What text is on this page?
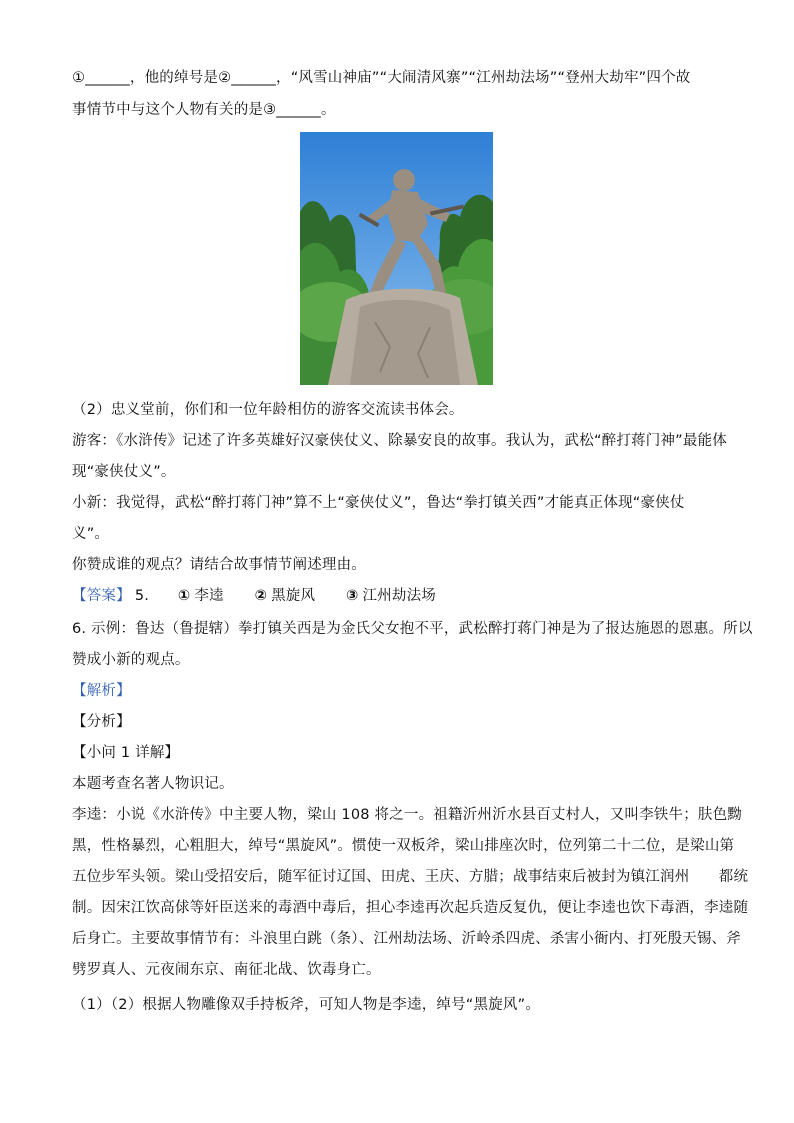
①______，他的绰号是②______，“风雪山神庙”“大闹清风寨”“江州劫法场”“登州大劫牢”四个故
事情节中与这个人物有关的是③______。
（2）忠义堂前，你们和一位年龄相仿的游客交流读书体会。
游客：《水浒传》记述了许多英雄好汉豪侠仗义、除暴安良的故事。我认为，武松“醉打蒋门神”最能体
现“豪侠仗义”。
小新：我觉得，武松“醉打蒋门神”算不上“豪侠仗义”，鲁达“拳打镇关西”才能真正体现“豪侠仗
义”。
你赞成谁的观点？请结合故事情节阐述理由。
【答案】 5. ① 李逵 ② 黑旋风 ③ 江州劫法场
6. 示例：鲁达（鲁提辖）拳打镇关西是为金氏父女抱不平，武松醉打蒋门神是为了报达施恩的恩惠。所以
赞成小新的观点。
【解析】
【分析】
【小问 1 详解】
本题考查名著人物识记。
李逵：小说《水浒传》中主要人物，梁山 108 将之一。祖籍沂州沂水县百丈村人，又叫李铁牛；肤色黝
黑，性格暴烈，心粗胆大，绰号“黑旋风”。惯使一双板斧，梁山排座次时，位列第二十二位，是梁山第
五位步军头领。梁山受招安后，随军征讨辽国、田虎、王庆、方腊；战事结束后被封为镇江润州　　都统
制。因宋江饮高俅等奸臣送来的毒酒中毒后，担心李逵再次起兵造反复仇，便让李逵也饮下毒酒，李逵随
后身亡。主要故事情节有：斗浪里白跳（条）、江州劫法场、沂岭杀四虎、杀害小衙内、打死殷天锡、斧
劈罗真人、元夜闹东京、南征北战、饮毒身亡。
（1）（2）根据人物雕像双手持板斧，可知人物是李逵，绰号“黑旋风”。
